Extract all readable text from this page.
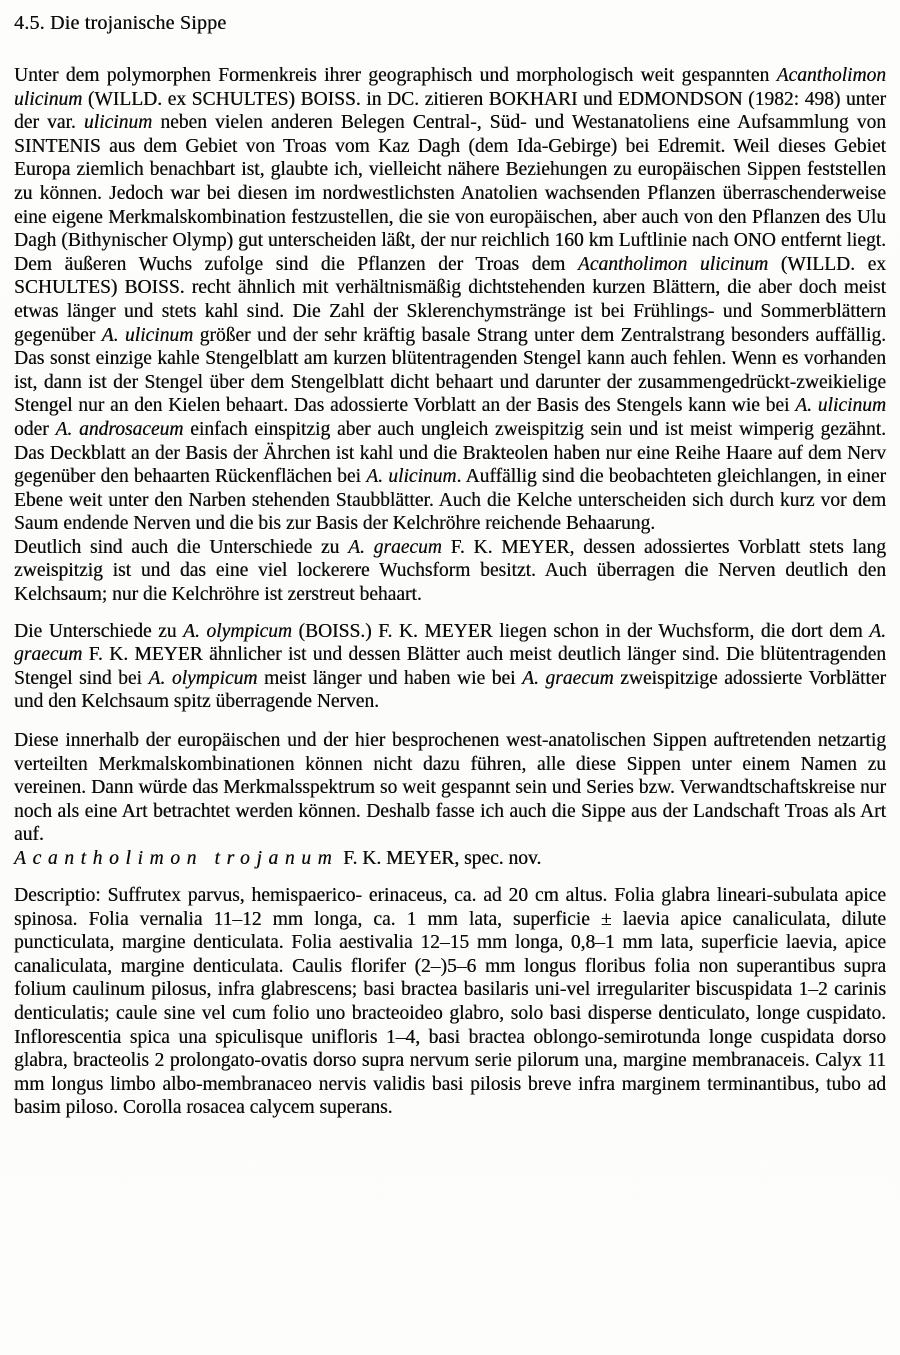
4.5. Die trojanische Sippe

Unter dem polymorphen Formenkreis ihrer geographisch und morphologisch weit gespannten Acantholimon ulicinum (WILLD. ex SCHULTES) BOISS. in DC. zitieren BOKHARI und EDMONDSON (1982: 498) unter der var. ulicinum neben vielen anderen Belegen Central-, Süd- und Westanatoliens eine Aufsammlung von SINTENIS aus dem Gebiet von Troas vom Kaz Dagh (dem Ida-Gebirge) bei Edremit. Weil dieses Gebiet Europa ziemlich benachbart ist, glaubte ich, vielleicht nähere Beziehungen zu europäischen Sippen feststellen zu können. Jedoch war bei diesen im nordwestlichsten Anatolien wachsenden Pflanzen überraschenderweise eine eigene Merkmalskombination festzustellen, die sie von europäischen, aber auch von den Pflanzen des Ulu Dagh (Bithynischer Olymp) gut unterscheiden läßt, der nur reichlich 160 km Luftlinie nach ONO entfernt liegt. Dem äußeren Wuchs zufolge sind die Pflanzen der Troas dem Acantholimon ulicinum (WILLD. ex SCHULTES) BOISS. recht ähnlich mit verhältnismäßig dichtstehenden kurzen Blättern, die aber doch meist etwas länger und stets kahl sind. Die Zahl der Sklerenchymstränge ist bei Frühlings- und Sommerblättern gegenüber A. ulicinum größer und der sehr kräftig basale Strang unter dem Zentralstrang besonders auffällig. Das sonst einzige kahle Stengelblatt am kurzen blütentragenden Stengel kann auch fehlen. Wenn es vorhanden ist, dann ist der Stengel über dem Stengelblatt dicht behaart und darunter der zusammengedrückt-zweikielige Stengel nur an den Kielen behaart. Das adossierte Vorblatt an der Basis des Stengels kann wie bei A. ulicinum oder A. androsaceum einfach einspitzig aber auch ungleich zweispitzig sein und ist meist wimperig gezähnt. Das Deckblatt an der Basis der Ährchen ist kahl und die Brakteolen haben nur eine Reihe Haare auf dem Nerv gegenüber den behaarten Rückenflächen bei A. ulicinum. Auffällig sind die beobachteten gleichlangen, in einer Ebene weit unter den Narben stehenden Staubblätter. Auch die Kelche unterscheiden sich durch kurz vor dem Saum endende Nerven und die bis zur Basis der Kelchröhre reichende Behaarung.

Deutlich sind auch die Unterschiede zu A. graecum F. K. MEYER, dessen adossiertes Vorblatt stets lang zweispitzig ist und das eine viel lockerere Wuchsform besitzt. Auch überragen die Nerven deutlich den Kelchsaum; nur die Kelchröhre ist zerstreut behaart.

Die Unterschiede zu A. olympicum (BOISS.) F. K. MEYER liegen schon in der Wuchsform, die dort dem A. graecum F. K. MEYER ähnlicher ist und dessen Blätter auch meist deutlich länger sind. Die blütentragenden Stengel sind bei A. olympicum meist länger und haben wie bei A. graecum zweispitzige adossierte Vorblätter und den Kelchsaum spitz überragende Nerven.

Diese innerhalb der europäischen und der hier besprochenen west-anatolischen Sippen auftretenden netzartig verteilten Merkmalskombinationen können nicht dazu führen, alle diese Sippen unter einem Namen zu vereinen. Dann würde das Merkmalsspektrum so weit gespannt sein und Series bzw. Verwandtschaftskreise nur noch als eine Art betrachtet werden können. Deshalb fasse ich auch die Sippe aus der Landschaft Troas als Art auf.

Acantholimon trojanum F. K. MEYER, spec. nov.

Descriptio: Suffrutex parvus, hemispaerico- erinaceus, ca. ad 20 cm altus. Folia glabra lineari-subulata apice spinosa. Folia vernalia 11–12 mm longa, ca. 1 mm lata, superficie ± laevia apice canaliculata, dilute puncticulata, margine denticulata. Folia aestivalia 12–15 mm longa, 0,8–1 mm lata, superficie laevia, apice canaliculata, margine denticulata. Caulis florifer (2–)5–6 mm longus floribus folia non superantibus supra folium caulinum pilosus, infra glabrescens; basi bractea basilaris uni-vel irregulariter biscuspidata 1–2 carinis denticulatis; caule sine vel cum folio uno bracteoideo glabro, solo basi disperse denticulato, longe cuspidato. Inflorescentia spica una spiculisque unifloris 1–4, basi bractea oblongo-semirotunda longe cuspidata dorso glabra, bracteolis 2 prolongato-ovatis dorso supra nervum serie pilorum una, margine membranaceis. Calyx 11 mm longus limbo albo-membranaceo nervis validis basi pilosis breve infra marginem terminantibus, tubo ad basim piloso. Corolla rosacea calycem superans.
